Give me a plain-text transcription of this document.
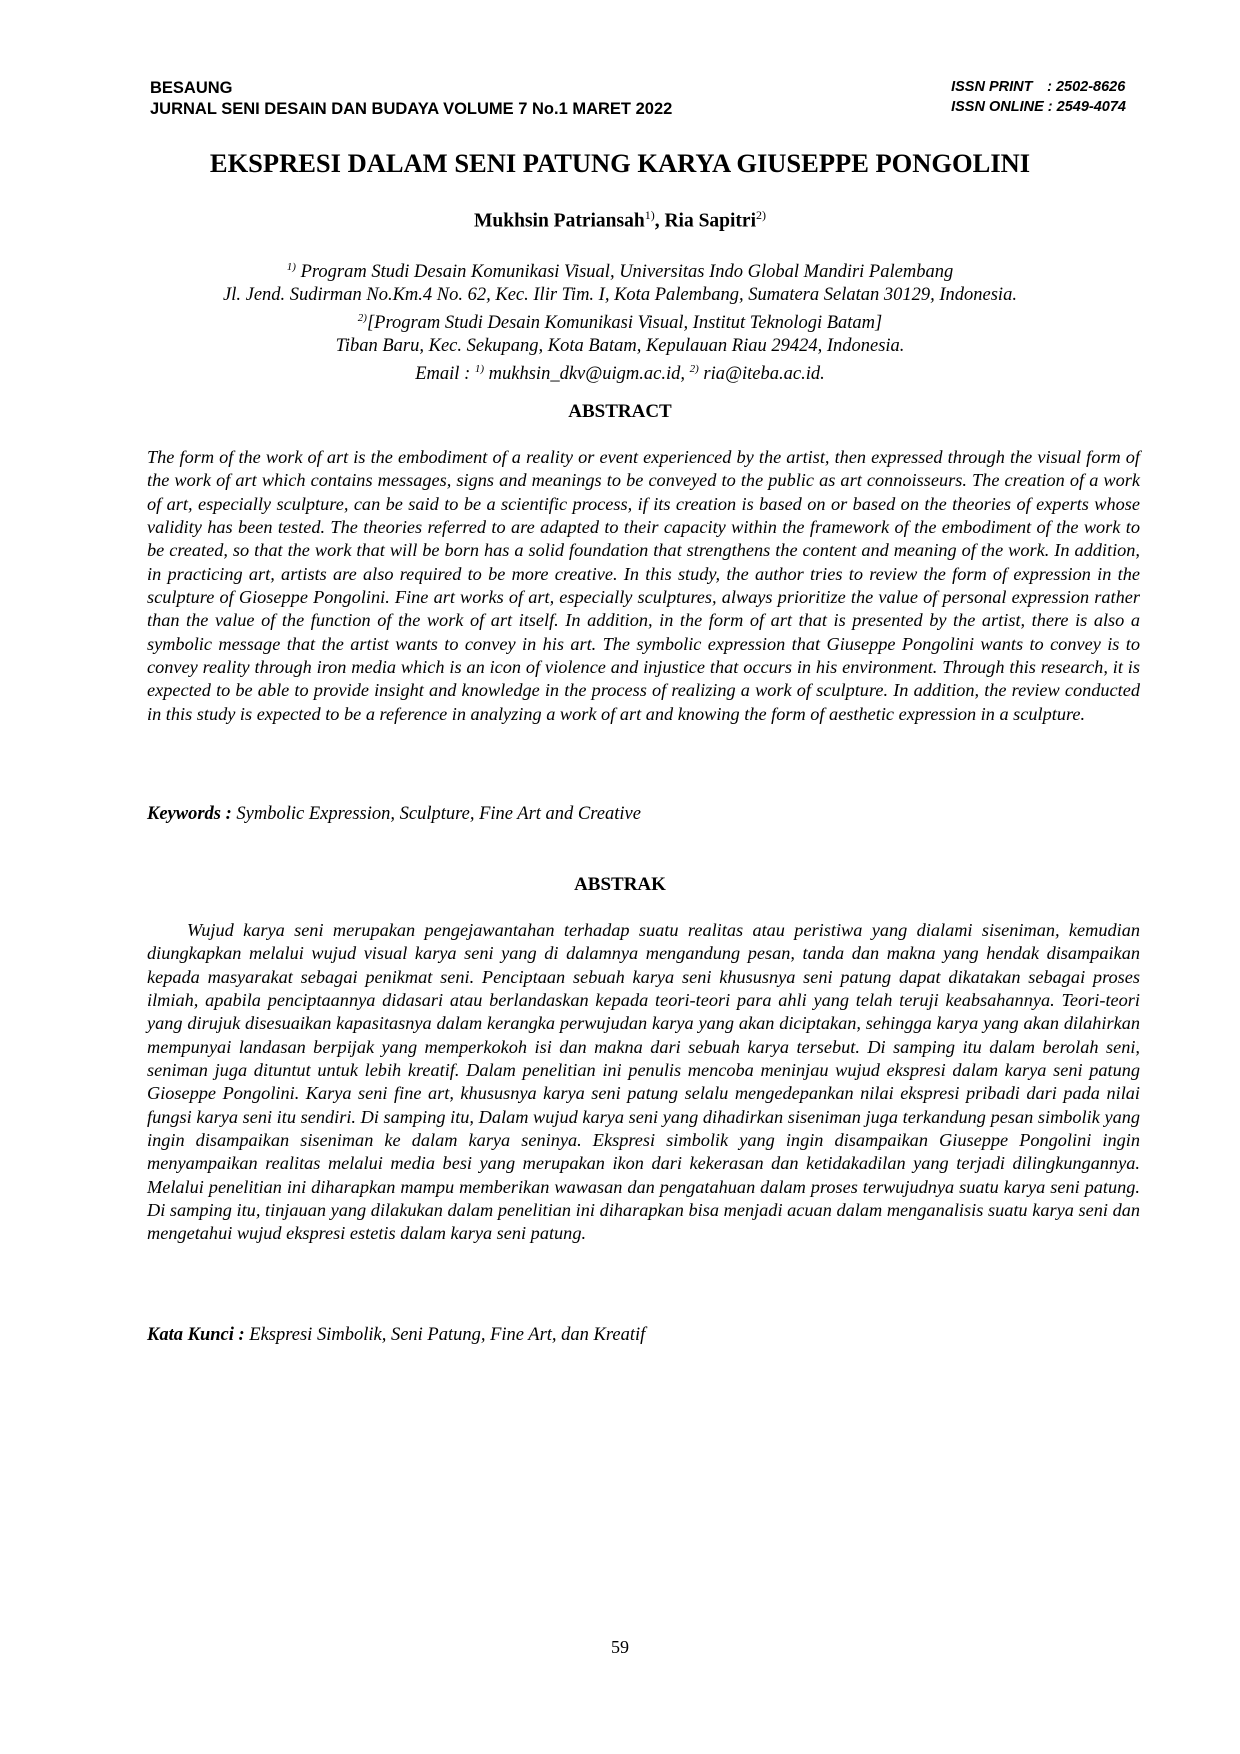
BESAUNG
JURNAL SENI DESAIN DAN BUDAYA VOLUME 7 No.1 MARET 2022
ISSN PRINT	: 2502-8626
ISSN ONLINE
: 2549-4074
EKSPRESI DALAM SENI PATUNG KARYA GIUSEPPE PONGOLINI
Mukhsin Patriansah$^{1)}$, Ria Sapitri$^{2)}$
$^{1)}$ Program Studi Desain Komunikasi Visual, Universitas Indo Global Mandiri Palembang
Jl. Jend. Sudirman No.Km.4 No. 62, Kec. Ilir Tim. I, Kota Palembang, Sumatera Selatan 30129, Indonesia.
$^{2)}$[Program Studi Desain Komunikasi Visual, Institut Teknologi Batam]
Tiban Baru, Kec. Sekupang, Kota Batam, Kepulauan Riau 29424, Indonesia.
Email : $^{1)}$ mukhsin_dkv@uigm.ac.id, $^{2)}$ ria@iteba.ac.id.
ABSTRACT
The form of the work of art is the embodiment of a reality or event experienced by the artist, then expressed through the visual form of the work of art which contains messages, signs and meanings to be conveyed to the public as art connoisseurs. The creation of a work of art, especially sculpture, can be said to be a scientific process, if its creation is based on or based on the theories of experts whose validity has been tested. The theories referred to are adapted to their capacity within the framework of the embodiment of the work to be created, so that the work that will be born has a solid foundation that strengthens the content and meaning of the work. In addition, in practicing art, artists are also required to be more creative. In this study, the author tries to review the form of expression in the sculpture of Gioseppe Pongolini. Fine art works of art, especially sculptures, always prioritize the value of personal expression rather than the value of the function of the work of art itself. In addition, in the form of art that is presented by the artist, there is also a symbolic message that the artist wants to convey in his art. The symbolic expression that Giuseppe Pongolini wants to convey is to convey reality through iron media which is an icon of violence and injustice that occurs in his environment. Through this research, it is expected to be able to provide insight and knowledge in the process of realizing a work of sculpture. In addition, the review conducted in this study is expected to be a reference in analyzing a work of art and knowing the form of aesthetic expression in a sculpture.
Keywords : Symbolic Expression, Sculpture, Fine Art and Creative
ABSTRAK
Wujud karya seni merupakan pengejawantahan terhadap suatu realitas atau peristiwa yang dialami siseniman, kemudian diungkapkan melalui wujud visual karya seni yang di dalamnya mengandung pesan, tanda dan makna yang hendak disampaikan kepada masyarakat sebagai penikmat seni. Penciptaan sebuah karya seni khususnya seni patung dapat dikatakan sebagai proses ilmiah, apabila penciptaannya didasari atau berlandaskan kepada teori-teori para ahli yang telah teruji keabsahannya. Teori-teori yang dirujuk disesuaikan kapasitasnya dalam kerangka perwujudan karya yang akan diciptakan, sehingga karya yang akan dilahirkan mempunyai landasan berpijak yang memperkokoh isi dan makna dari sebuah karya tersebut. Di samping itu dalam berolah seni, seniman juga dituntut untuk lebih kreatif. Dalam penelitian ini penulis mencoba meninjau wujud ekspresi dalam karya seni patung Gioseppe Pongolini. Karya seni fine art, khususnya karya seni patung selalu mengedepankan nilai ekspresi pribadi dari pada nilai fungsi karya seni itu sendiri. Di samping itu, Dalam wujud karya seni yang dihadirkan siseniman juga terkandung pesan simbolik yang ingin disampaikan siseniman ke dalam karya seninya. Ekspresi simbolik yang ingin disampaikan Giuseppe Pongolini ingin menyampaikan realitas melalui media besi yang merupakan ikon dari kekerasan dan ketidakadilan yang terjadi dilingkungannya. Melalui penelitian ini diharapkan mampu memberikan wawasan dan pengatahuan dalam proses terwujudnya suatu karya seni patung. Di samping itu, tinjauan yang dilakukan dalam penelitian ini diharapkan bisa menjadi acuan dalam menganalisis suatu karya seni dan mengetahui wujud ekspresi estetis dalam karya seni patung.
Kata Kunci : Ekspresi Simbolik, Seni Patung, Fine Art, dan Kreatif
59
